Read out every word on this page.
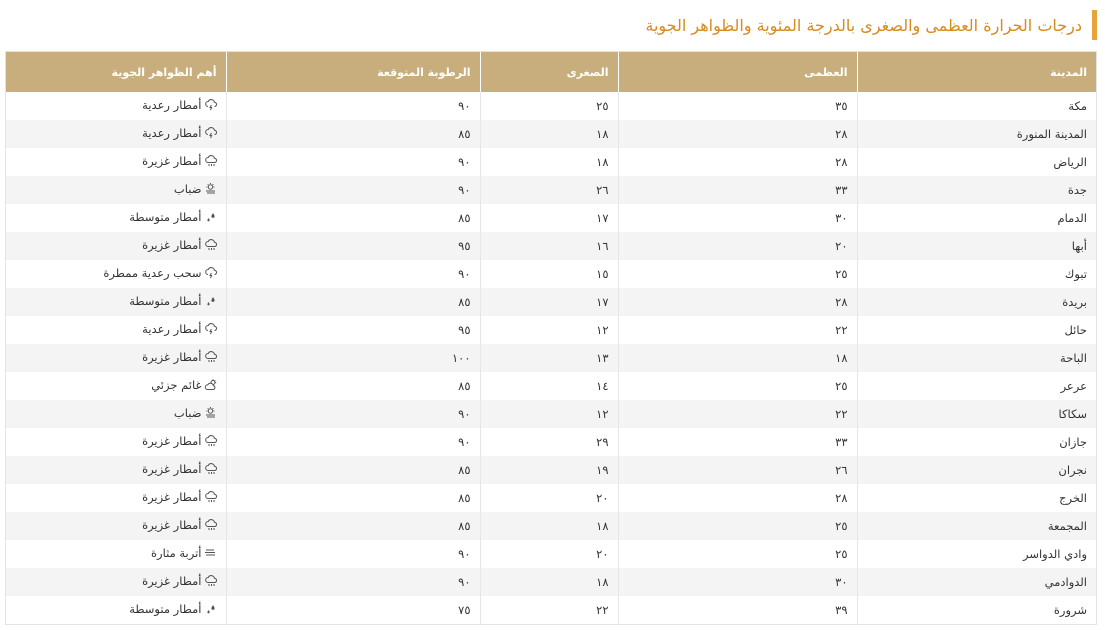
درجات الحرارة العظمى والصغرى بالدرجة المئوية والظواهر الجوية
المدينة	العظمى	الصغرى	الرطوبة المتوقعة	أهم الظواهر الجوية
مكة	٣٥	٢٥	٩٠	أمطار رعدية

المدينة المنورة	٢٨	١٨	٨٥	أمطار رعدية

الرياض	٢٨	١٨	٩٠	أمطار غزيرة

جدة	٣٣	٢٦	٩٠	ضباب

الدمام	٣٠	١٧	٨٥	أمطار متوسطة

أبها	٢٠	١٦	٩٥	أمطار غزيرة

تبوك	٢٥	١٥	٩٠	سحب رعدية ممطرة

بريدة	٢٨	١٧	٨٥	أمطار متوسطة

حائل	٢٢	١٢	٩٥	أمطار رعدية

الباحة	١٨	١٣	١٠٠	أمطار غزيرة

عرعر	٢٥	١٤	٨٥	غائم جزئي

سكاكا	٢٢	١٢	٩٠	ضباب

جازان	٣٣	٢٩	٩٠	أمطار غزيرة

نجران	٢٦	١٩	٨٥	أمطار غزيرة

الخرج	٢٨	٢٠	٨٥	أمطار غزيرة

المجمعة	٢٥	١٨	٨٥	أمطار غزيرة

وادي الدواسر	٢٥	٢٠	٩٠	أتربة مثارة

الدوادمي	٣٠	١٨	٩٠	أمطار غزيرة

شرورة	٣٩	٢٢	٧٥	أمطار متوسطة
